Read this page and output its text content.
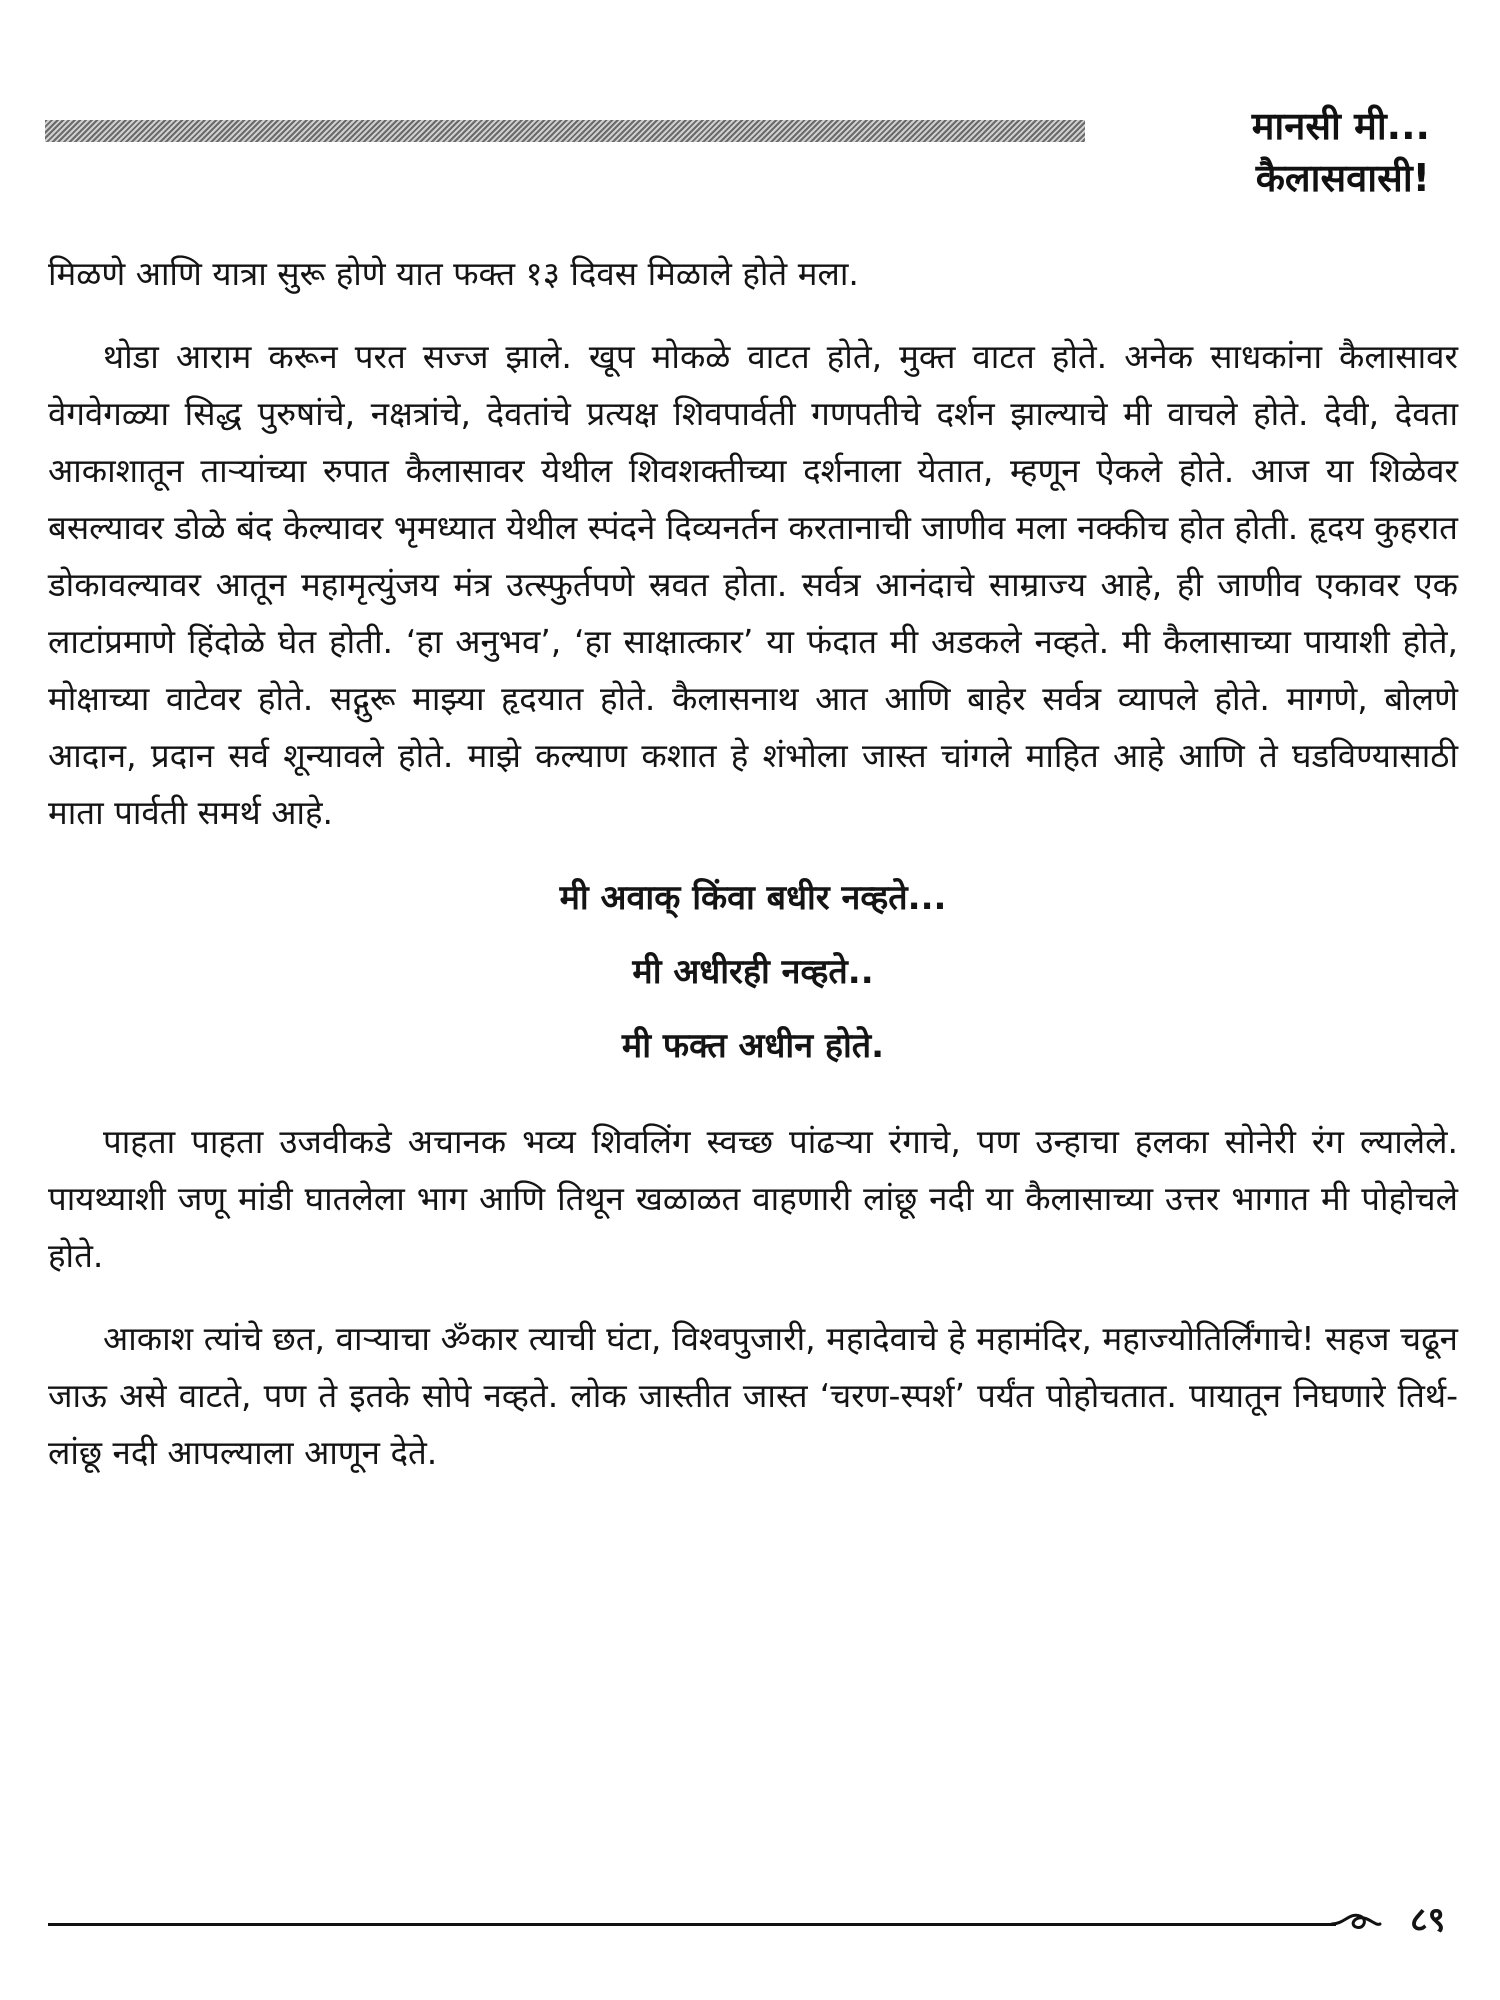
मानसी मी...
कैलासवासी!

मिळणे आणि यात्रा सुरू होणे यात फक्त १३ दिवस मिळाले होते मला.

थोडा आराम करून परत सज्ज झाले. खूप मोकळे वाटत होते, मुक्त वाटत होते. अनेक साधकांना कैलासावर वेगवेगळ्या सिद्ध पुरुषांचे, नक्षत्रांचे, देवतांचे प्रत्यक्ष शिवपार्वती गणपतीचे दर्शन झाल्याचे मी वाचले होते. देवी, देवता आकाशातून ताऱ्यांच्या रुपात कैलासावर येथील शिवशक्तीच्या दर्शनाला येतात, म्हणून ऐकले होते. आज या शिळेवर बसल्यावर डोळे बंद केल्यावर भृमध्यात येथील स्पंदने दिव्यनर्तन करतानाची जाणीव मला नक्कीच होत होती. हृदय कुहरात डोकावल्यावर आतून महामृत्युंजय मंत्र उत्स्फुर्तपणे स्रवत होता. सर्वत्र आनंदाचे साम्राज्य आहे, ही जाणीव एकावर एक लाटांप्रमाणे हिंदोळे घेत होती. ‘हा अनुभव’, ‘हा साक्षात्कार’ या फंदात मी अडकले नव्हते. मी कैलासाच्या पायाशी होते, मोक्षाच्या वाटेवर होते. सद्गुरू माझ्या हृदयात होते. कैलासनाथ आत आणि बाहेर सर्वत्र व्यापले होते. मागणे, बोलणे आदान, प्रदान सर्व शून्यावले होते. माझे कल्याण कशात हे शंभोला जास्त चांगले माहित आहे आणि ते घडविण्यासाठी माता पार्वती समर्थ आहे.

मी अवाक् किंवा बधीर नव्हते...
मी अधीरही नव्हते..
मी फक्त अधीन होते.

पाहता पाहता उजवीकडे अचानक भव्य शिवलिंग स्वच्छ पांढऱ्या रंगाचे, पण उन्हाचा हलका सोनेरी रंग ल्यालेले. पायथ्याशी जणू मांडी घातलेला भाग आणि तिथून खळाळत वाहणारी लांछू नदी या कैलासाच्या उत्तर भागात मी पोहोचले होते.

आकाश त्यांचे छत, वाऱ्याचा ॐकार त्याची घंटा, विश्वपुजारी, महादेवाचे हे महामंदिर, महाज्योतिर्लिंगाचे! सहज चढून जाऊ असे वाटते, पण ते इतके सोपे नव्हते. लोक जास्तीत जास्त ‘चरण-स्पर्श’ पर्यंत पोहोचतात. पायातून निघणारे तिर्थ-लांछू नदी आपल्याला आणून देते.

८९
